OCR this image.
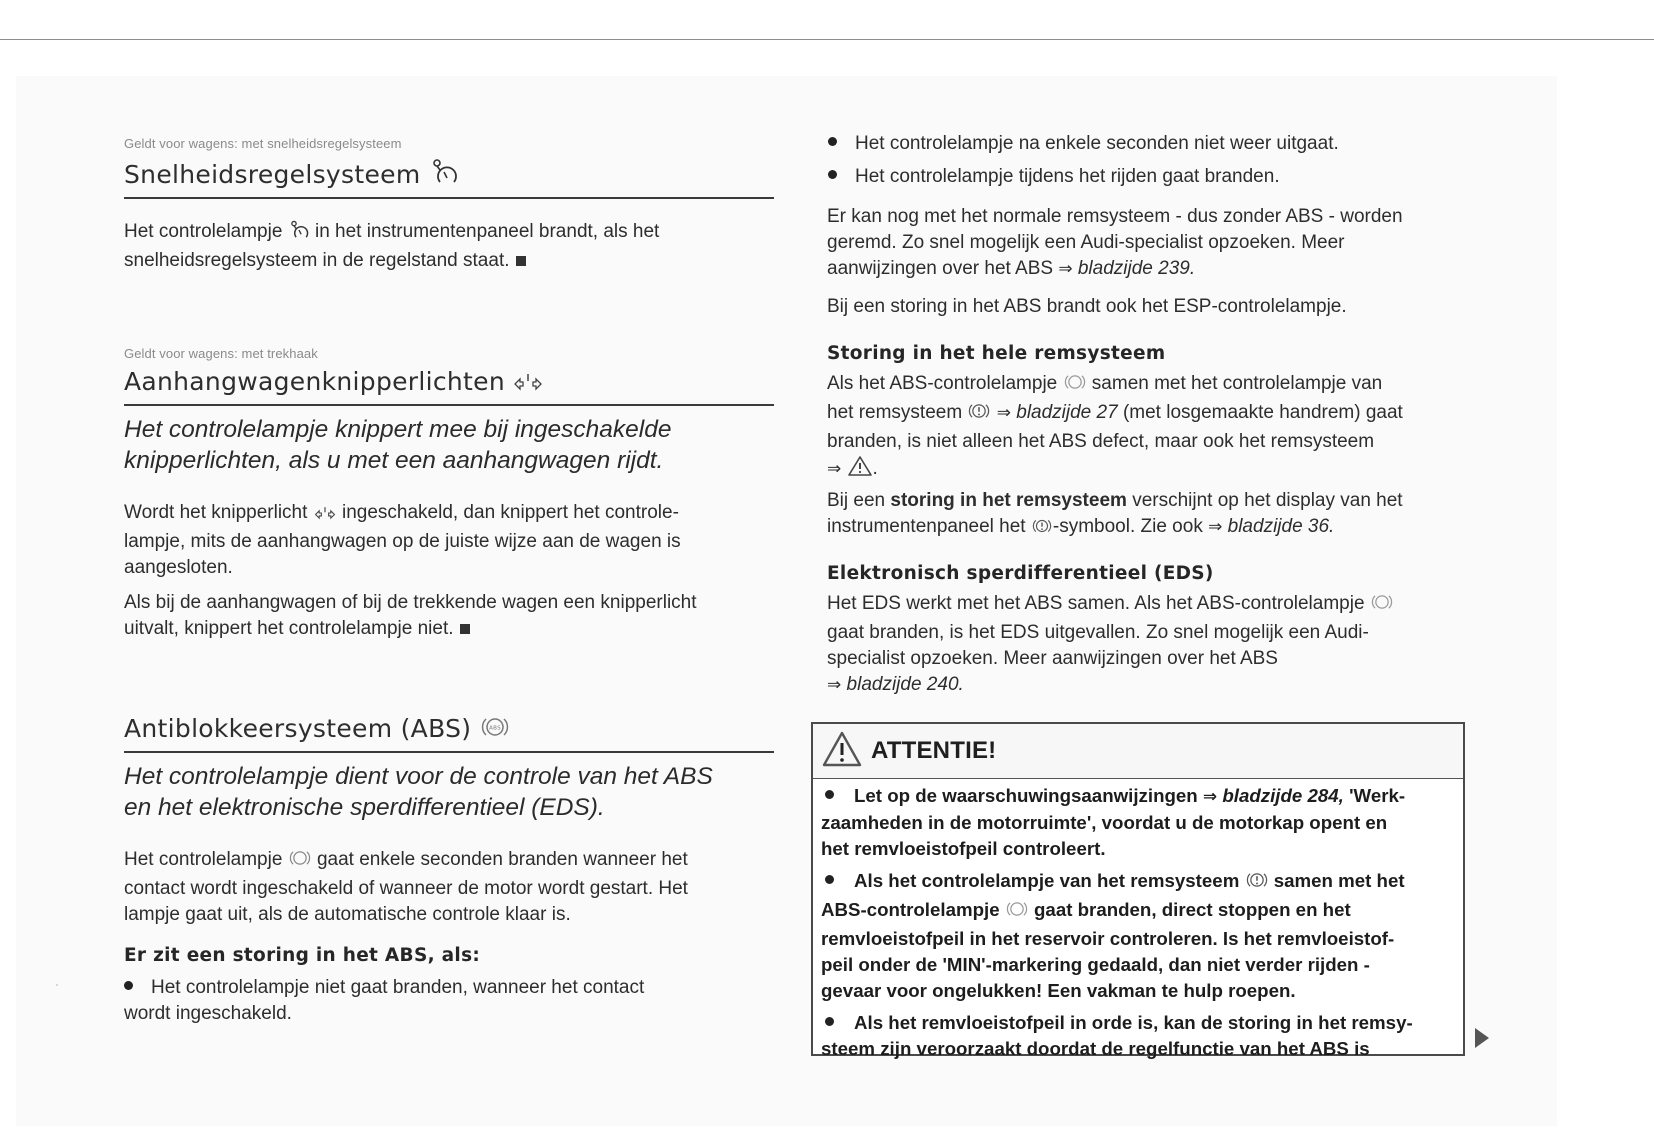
Geldt voor wagens: met snelheidsregelsysteem
Snelheidsregelsysteem
Het controlelampje in het instrumentenpaneel brandt, als het
snelheidsregelsysteem in de regelstand staat.
Geldt voor wagens: met trekhaak
Aanhangwagenknipperlichten
Het controlelampje knippert mee bij ingeschakelde
knipperlichten, als u met een aanhangwagen rijdt.
Wordt het knipperlicht ingeschakeld, dan knippert het controle-
lampje, mits de aanhangwagen op de juiste wijze aan de wagen is
aangesloten.
Als bij de aanhangwagen of bij de trekkende wagen een knipperlicht
uitvalt, knippert het controlelampje niet.
Antiblokkeersysteem (ABS)	ABS
Het controlelampje dient voor de controle van het ABS
en het elektronische sperdifferentieel (EDS).
Het controlelampje gaat enkele seconden branden wanneer het
contact wordt ingeschakeld of wanneer de motor wordt gestart. Het
lampje gaat uit, als de automatische controle klaar is.
Er zit een storing in het ABS, als:
Het controlelampje niet gaat branden, wanneer het contact
wordt ingeschakeld.
Het controlelampje na enkele seconden niet weer uitgaat.
Het controlelampje tijdens het rijden gaat branden.
Er kan nog met het normale remsysteem - dus zonder ABS - worden
geremd. Zo snel mogelijk een Audi-specialist opzoeken. Meer
aanwijzingen over het ABS ⇒ bladzijde 239.
Bij een storing in het ABS brandt ook het ESP-controlelampje.
Storing in het hele remsysteem
Als het ABS-controlelampje samen met het controlelampje van
het remsysteem ⇒ bladzijde 27 (met losgemaakte handrem) gaat
branden, is niet alleen het ABS defect, maar ook het remsysteem
⇒ .
Bij een storing in het remsysteem verschijnt op het display van het
instrumentenpaneel het -symbool. Zie ook ⇒ bladzijde 36.
Elektronisch sperdifferentieel (EDS)
Het EDS werkt met het ABS samen. Als het ABS-controlelampje
gaat branden, is het EDS uitgevallen. Zo snel mogelijk een Audi-
specialist opzoeken. Meer aanwijzingen over het ABS
⇒ bladzijde 240.
ATTENTIE!
Let op de waarschuwingsaanwijzingen ⇒ bladzijde 284, 'Werk-
zaamheden in de motorruimte', voordat u de motorkap opent en
het remvloeistofpeil controleert.
Als het controlelampje van het remsysteem samen met het
ABS-controlelampje gaat branden, direct stoppen en het
remvloeistofpeil in het reservoir controleren. Is het remvloeistof-
peil onder de 'MIN'-markering gedaald, dan niet verder rijden -
gevaar voor ongelukken! Een vakman te hulp roepen.
Als het remvloeistofpeil in orde is, kan de storing in het remsy-
steem zijn veroorzaakt doordat de regelfunctie van het ABS is
